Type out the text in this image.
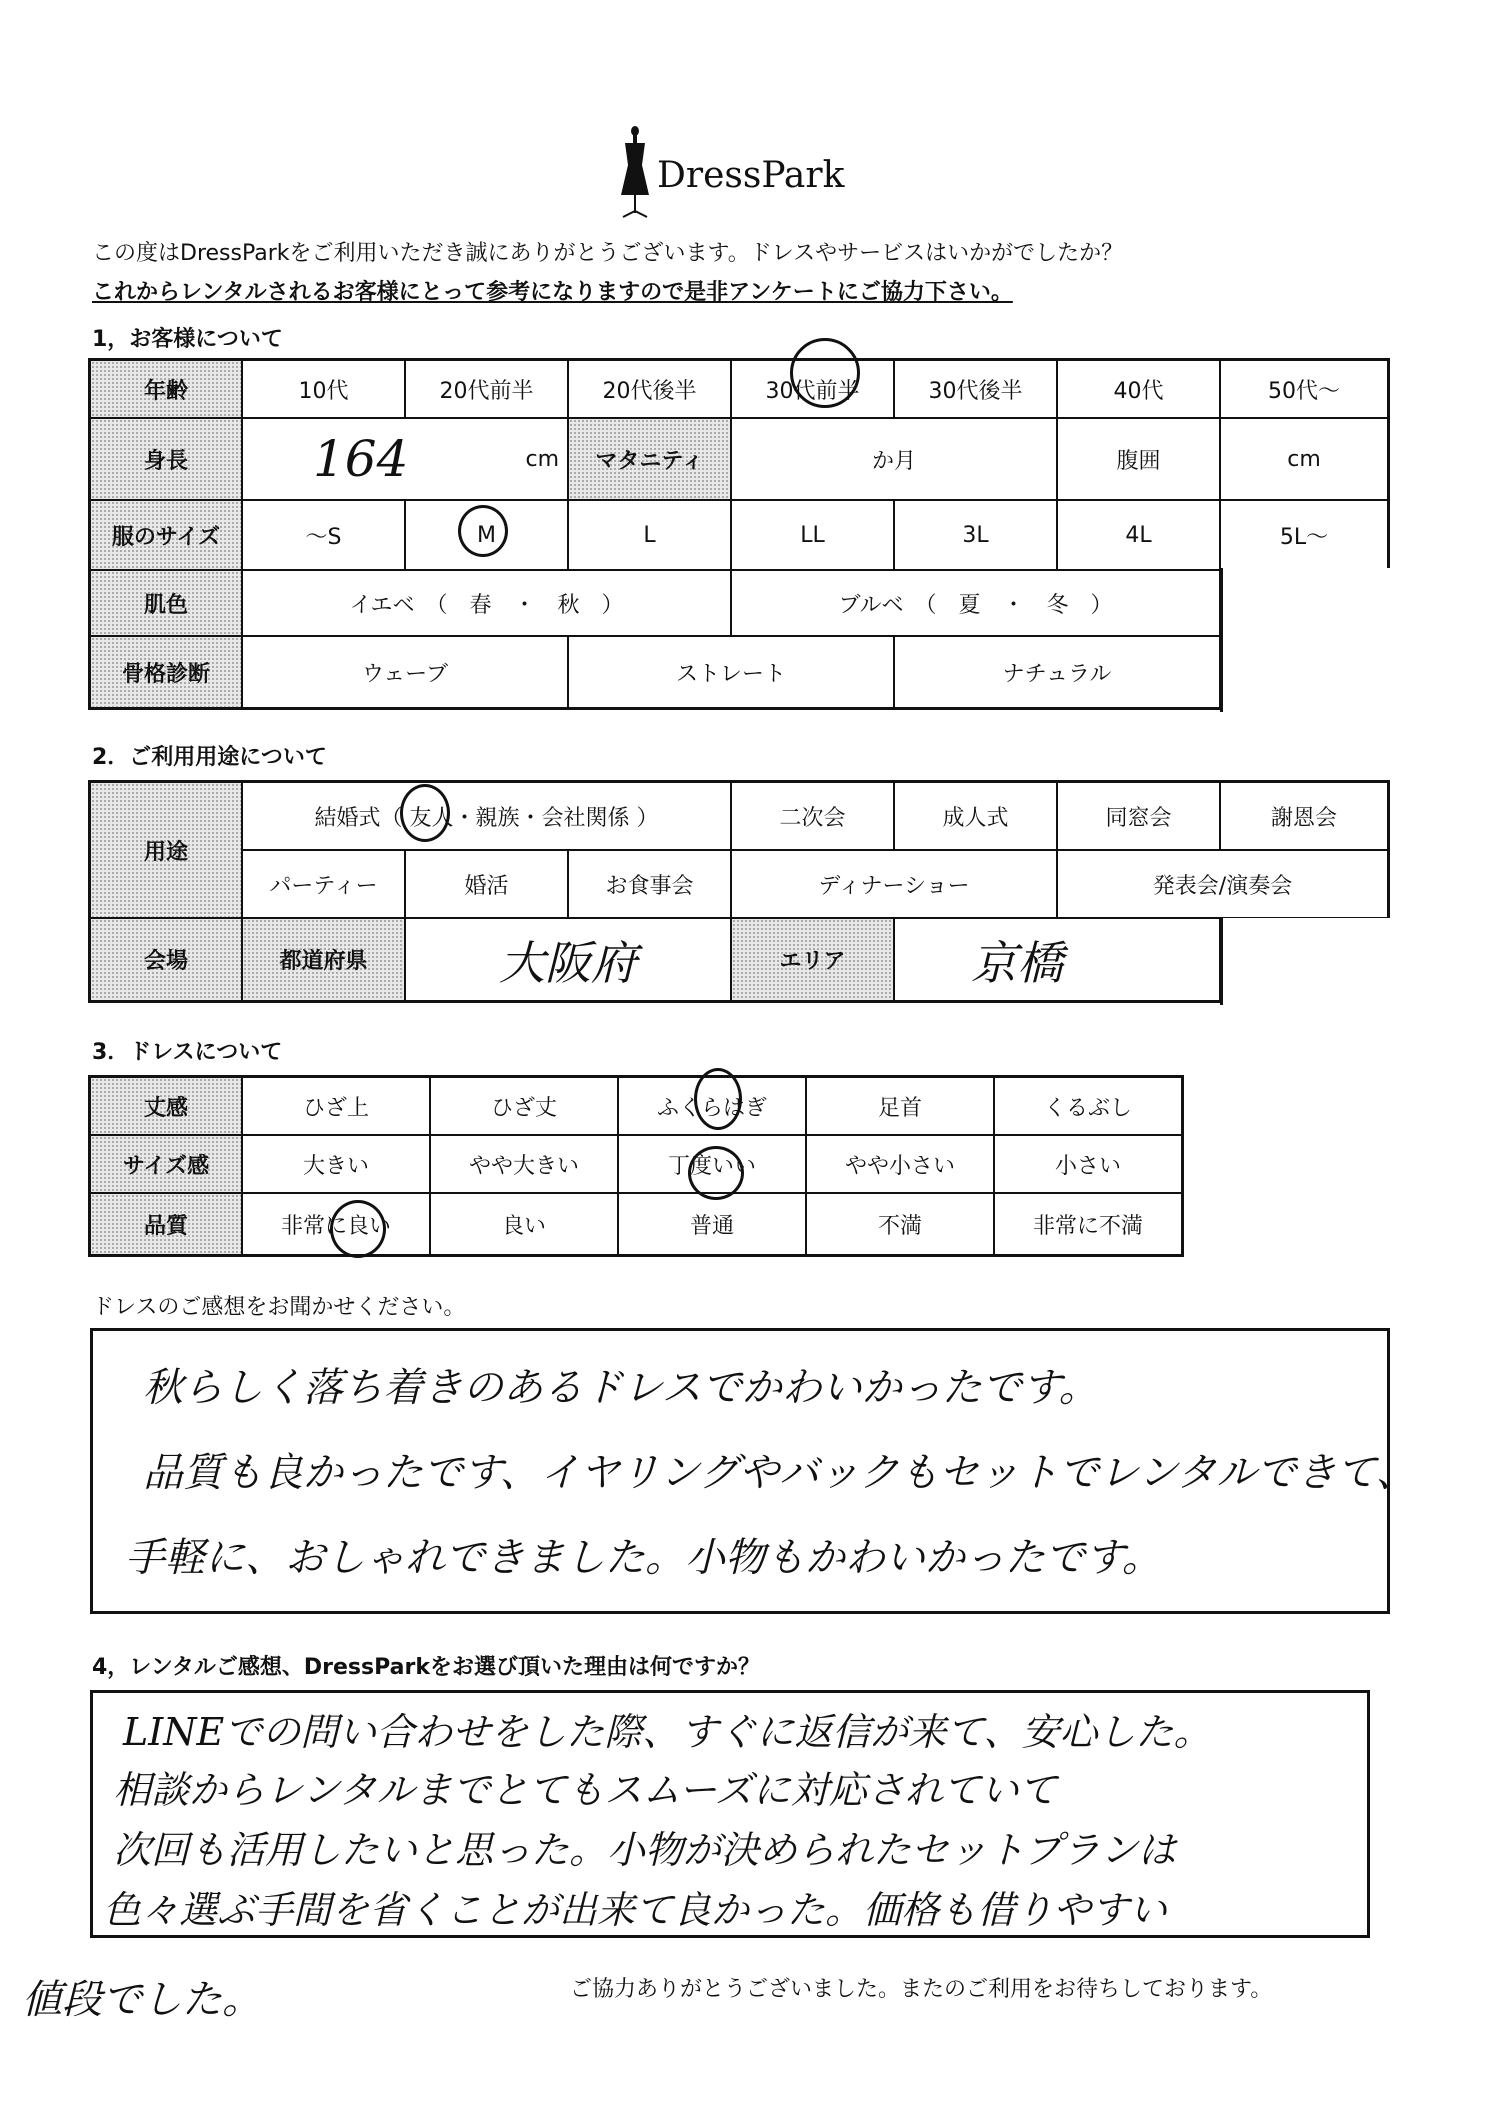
DressPark
この度はDressParkをご利用いただき誠にありがとうございます。ドレスやサービスはいかがでしたか？
これからレンタルされるお客様にとって参考になりますので是非アンケートにご協力下さい。
1，お客様について
年齢	10代	20代前半	20代後半	30代前半	30代後半	40代	50代～
身長	164	cm	マタニティ	か月	腹囲	cm
服のサイズ	～S	M	L	LL	3L	4L	5L～
肌色	イエベ　（　春　・　秋　）	ブルベ　（　夏　・　冬　）
骨格診断	ウェーブ	ストレート	ナチュラル
2．ご利用用途について
用途
結婚式（ 友人・親族・会社関係 ）	二次会	成人式	同窓会	謝恩会
パーティー	婚活	お食事会	ディナーショー	発表会/演奏会
会場	都道府県	大阪府	エリア	京橋
3．ドレスについて
丈感	ひざ上	ひざ丈	ふくらはぎ	足首	くるぶし
サイズ感	大きい	やや大きい	丁度いい	やや小さい	小さい
品質	非常に良い	良い	普通	不満	非常に不満
ドレスのご感想をお聞かせください。
秋らしく落ち着きのあるドレスでかわいかったです。
品質も良かったです、イヤリングやバックもセットでレンタルできて、
手軽に、おしゃれできました。小物もかわいかったです。
4，レンタルご感想、DressParkをお選び頂いた理由は何ですか？
LINEでの問い合わせをした際、すぐに返信が来て、安心した。
相談からレンタルまでとてもスムーズに対応されていて
次回も活用したいと思った。小物が決められたセットプランは
色々選ぶ手間を省くことが出来て良かった。価格も借りやすい
値段でした。	ご協力ありがとうございました。またのご利用をお待ちしております。
